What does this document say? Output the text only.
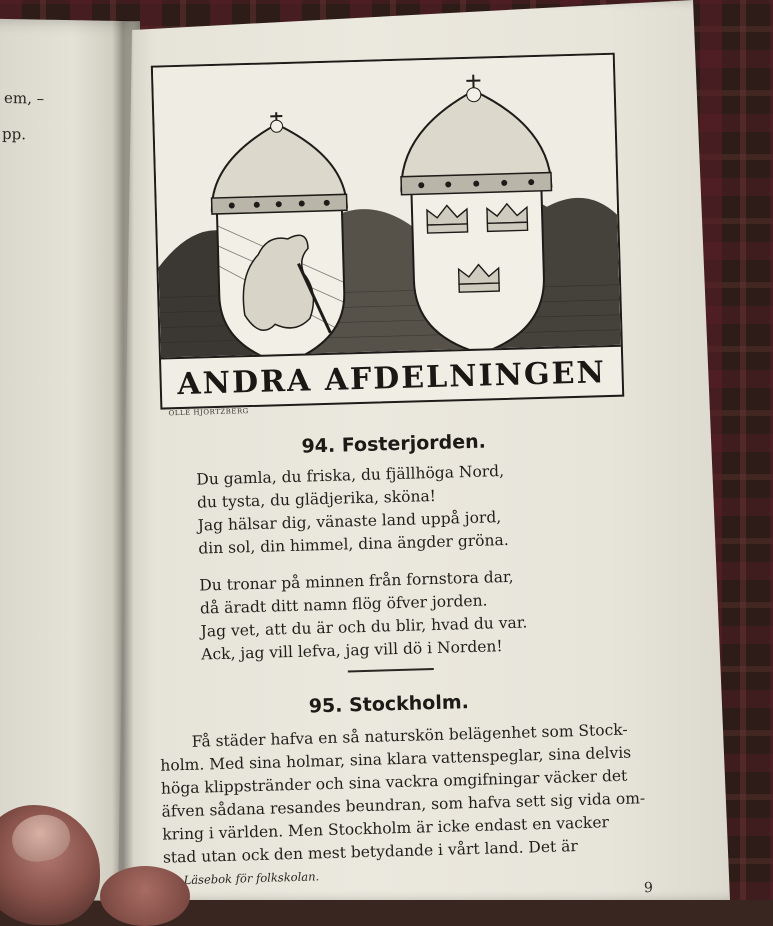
em, –
pp.
ANDRA AFDELNINGEN
OLLE HJORTZBERG
94. Fosterjorden.
Du gamla, du friska, du fjällhöga Nord,
du tysta, du glädjerika, sköna!
Jag hälsar dig, vänaste land uppå jord,
din sol, din himmel, dina ängder gröna.
Du tronar på minnen från fornstora dar,
då äradt ditt namn flög öfver jorden.
Jag vet, att du är och du blir, hvad du var.
Ack, jag vill lefva, jag vill dö i Norden!
95. Stockholm.
Få städer hafva en så naturskön belägenhet som Stock-
holm. Med sina holmar, sina klara vattenspeglar, sina delvis
höga klippstränder och sina vackra omgifningar väcker det
äfven sådana resandes beundran, som hafva sett sig vida om-
kring i världen. Men Stockholm är icke endast en vacker
stad utan ock den mest betydande i vårt land. Det är
Läsebok för folkskolan.
9
